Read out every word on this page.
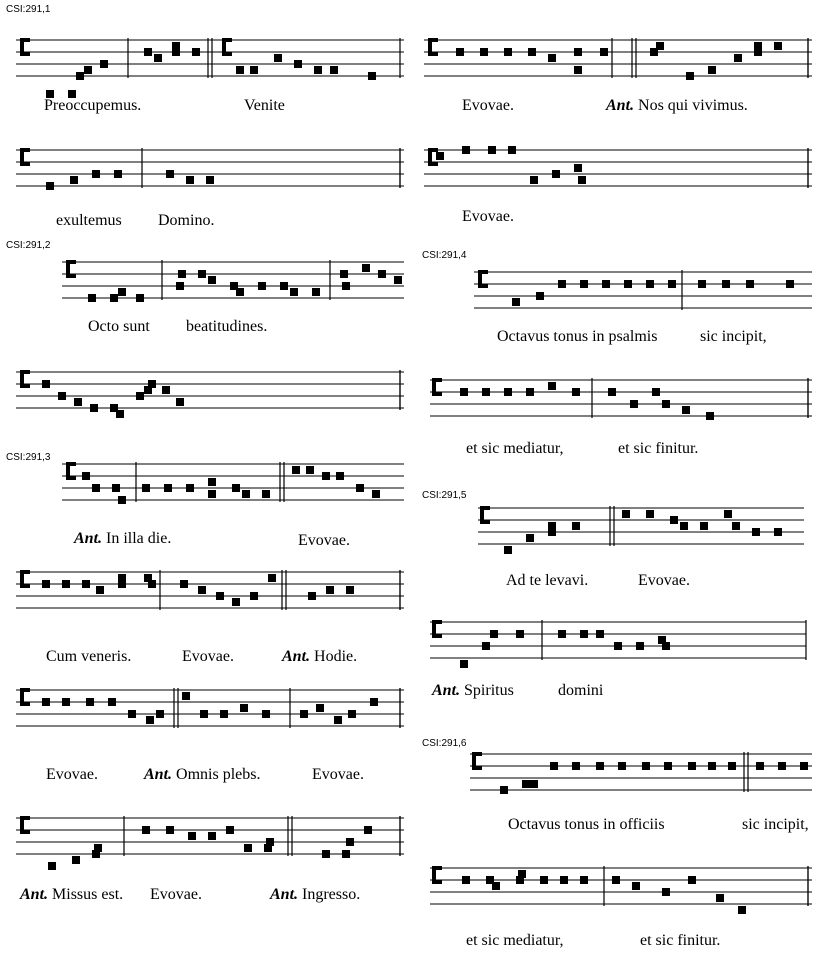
CSI:291,1
CSI:291,2
CSI:291,3
CSI:291,4
CSI:291,5
CSI:291,6
Preoccupemus.	Venite	Evovae.	Ant. Nos qui vivimus.
exultemus Domino.	Evovae.
Octo sunt beatitudines.
Octavus tonus in psalmis	sic incipit,
et sic mediatur,	et sic finitur.
Ant. In illa die.	Evovae.
Ad te levavi.	Evovae.
Cum veneris.	Evovae.	Ant. Hodie.
Ant. Spiritus	domini
Evovae.	Ant. Omnis plebs.	Evovae.
Octavus tonus in officiis	sic incipit,
Ant. Missus est. Evovae.	Ant. Ingresso.
et sic mediatur,	et sic finitur.
